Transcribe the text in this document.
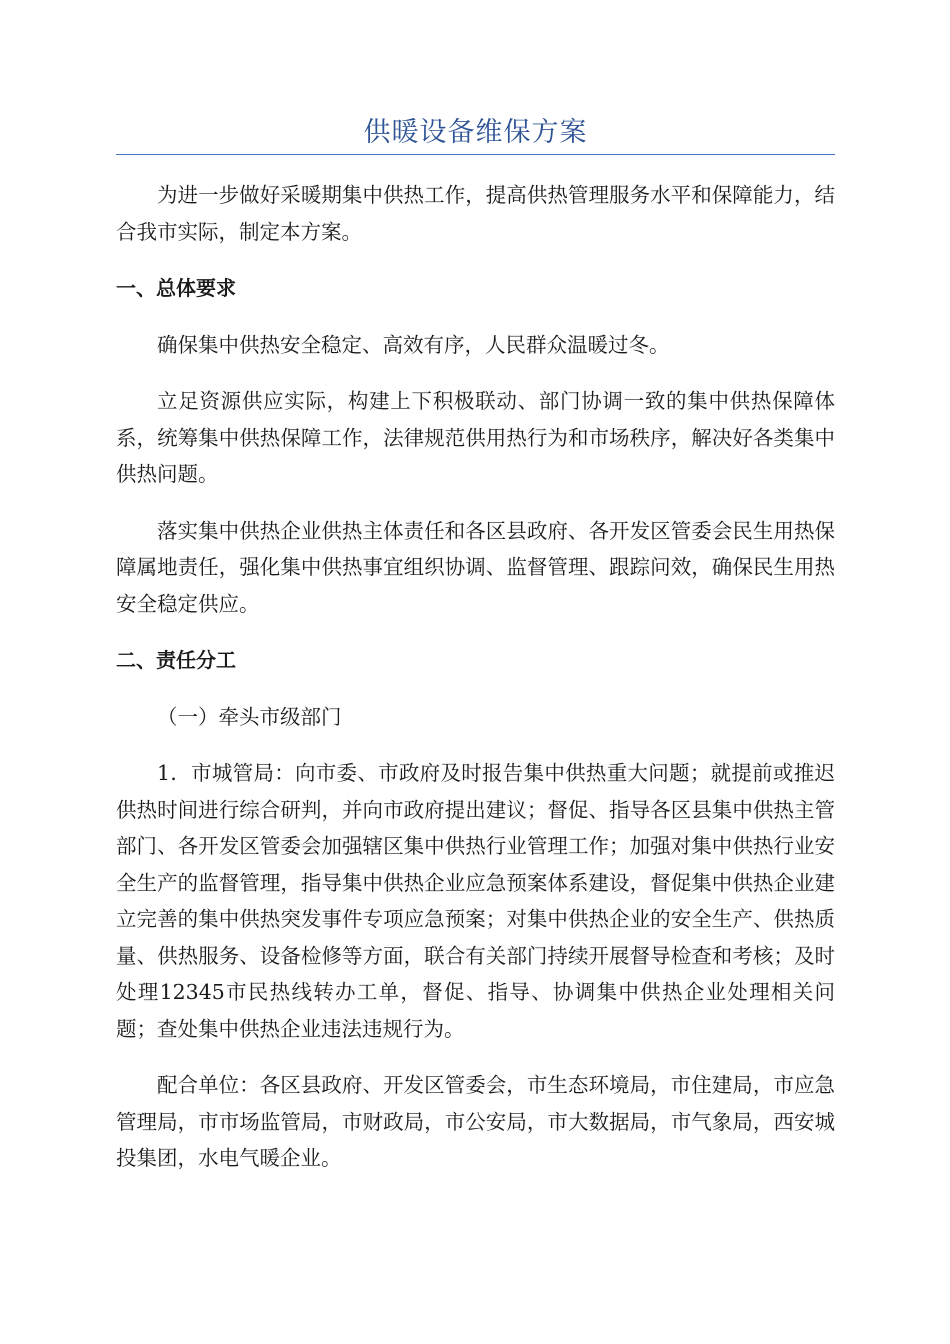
供暖设备维保方案

为进一步做好采暖期集中供热工作，提高供热管理服务水平和保障能力，结合我市实际，制定本方案。

一、总体要求

确保集中供热安全稳定、高效有序，人民群众温暖过冬。

立足资源供应实际，构建上下积极联动、部门协调一致的集中供热保障体系，统筹集中供热保障工作，法律规范供用热行为和市场秩序，解决好各类集中供热问题。

落实集中供热企业供热主体责任和各区县政府、各开发区管委会民生用热保障属地责任，强化集中供热事宜组织协调、监督管理、跟踪问效，确保民生用热安全稳定供应。

二、责任分工

（一）牵头市级部门

1．市城管局：向市委、市政府及时报告集中供热重大问题；就提前或推迟供热时间进行综合研判，并向市政府提出建议；督促、指导各区县集中供热主管部门、各开发区管委会加强辖区集中供热行业管理工作；加强对集中供热行业安全生产的监督管理，指导集中供热企业应急预案体系建设，督促集中供热企业建立完善的集中供热突发事件专项应急预案；对集中供热企业的安全生产、供热质量、供热服务、设备检修等方面，联合有关部门持续开展督导检查和考核；及时处理12345市民热线转办工单，督促、指导、协调集中供热企业处理相关问题；查处集中供热企业违法违规行为。

配合单位：各区县政府、开发区管委会，市生态环境局，市住建局，市应急管理局，市市场监管局，市财政局，市公安局，市大数据局，市气象局，西安城投集团，水电气暖企业。
